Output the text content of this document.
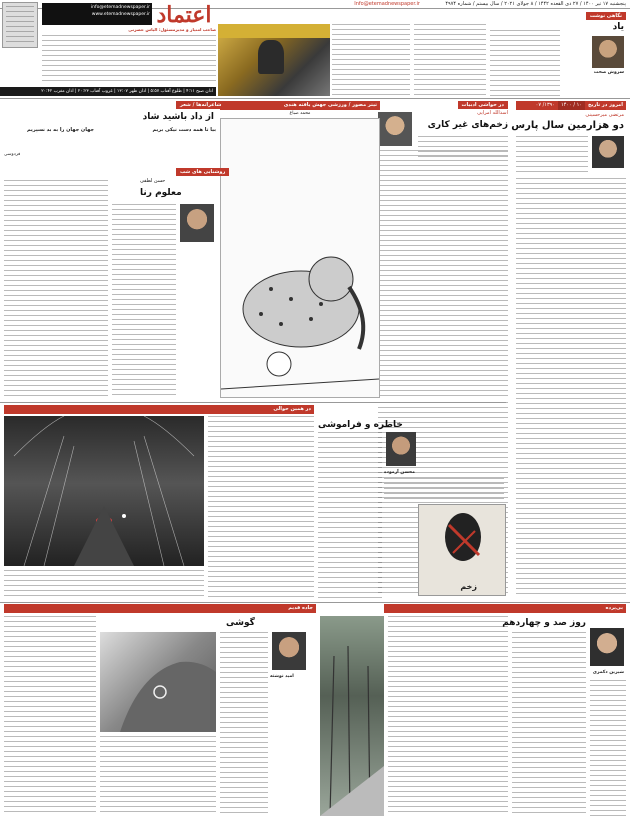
پنجشنبه ۱۷ تیر ۱۴۰۰ / ۲۷ ذی القعده ۱۴۴۲ / ۸ جولای ۲۰۲۱ / سال بیستم / شماره ۴۹۷۴
Info@etemadnewspaper.ir
info@etemadnewspaper.ir
www.etemadnewspaper.ir اعتماد
صاحب امتیاز و مدیرمسئول: الیاس حضرتی
اذان صبح ۴:۱۱ | طلوع آفتاب ۵:۵۷ | اذان ظهر ۱۳:۰۷ | غروب آفتاب ۲۰:۲۳ | اذان مغرب ۲۰:۴۲
نگاهی نوشت
یاد
سروش صحت
امروز در تاریخ
۱۰ / ۱۴۰۰
۱۳۹۰/ ۰۷
مرتضی میرحسینی
دو هزارمین سال پارس
در حواشی ادبیات
اسدالله امرایی
زخم‌های غیر کاری
تیتر مصور / ورزشی جهش یافته هندی
محمد صباغ
شاعرانه‌ها / شعر
از داد باشید شاد
بیا تا همه دست نیکی بریم
جهان جهان را به بد نسپریم
فردوسی
روشنایی های شب
حسن لطفی
معلوم رنا
در همین حوالی
خاطره و فراموشی
محسن آزموده
زخم
جاده قدیم
گوشی
امید نوشته
بی‌پرده
روز صد و چهاردهم
شیرین دکمری
